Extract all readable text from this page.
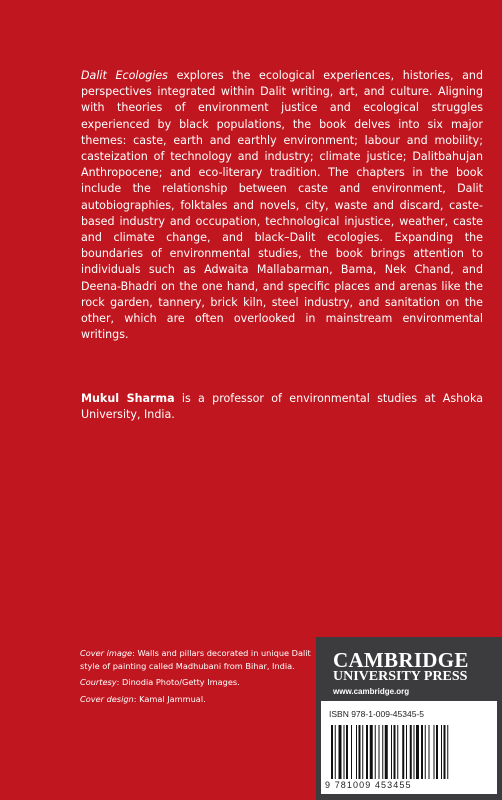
Dalit Ecologies explores the ecological experiences, histories, and perspectives integrated within Dalit writing, art, and culture. Aligning with theories of environment justice and ecological struggles experienced by black populations, the book delves into six major themes: caste, earth and earthly environment; labour and mobility; casteization of technology and industry; climate justice; Dalitbahujan Anthropocene; and eco-literary tradition. The chapters in the book include the relationship between caste and environment, Dalit autobiographies, folktales and novels, city, waste and discard, caste-based industry and occupation, technological injustice, weather, caste and climate change, and black–Dalit ecologies. Expanding the boundaries of environmental studies, the book brings attention to individuals such as Adwaita Mallabarman, Bama, Nek Chand, and Deena-Bhadri on the one hand, and specific places and arenas like the rock garden, tannery, brick kiln, steel industry, and sanitation on the other, which are often overlooked in mainstream environmental writings.

Mukul Sharma is a professor of environmental studies at Ashoka University, India.

Cover image: Walls and pillars decorated in unique Dalit style of painting called Madhubani from Bihar, India.

Courtesy: Dinodia Photo/Getty Images.

Cover design: Kamal Jammual.

CAMBRIDGE
UNIVERSITY PRESS
www.cambridge.org
ISBN 978-1-009-45345-5
9 781009 453455
